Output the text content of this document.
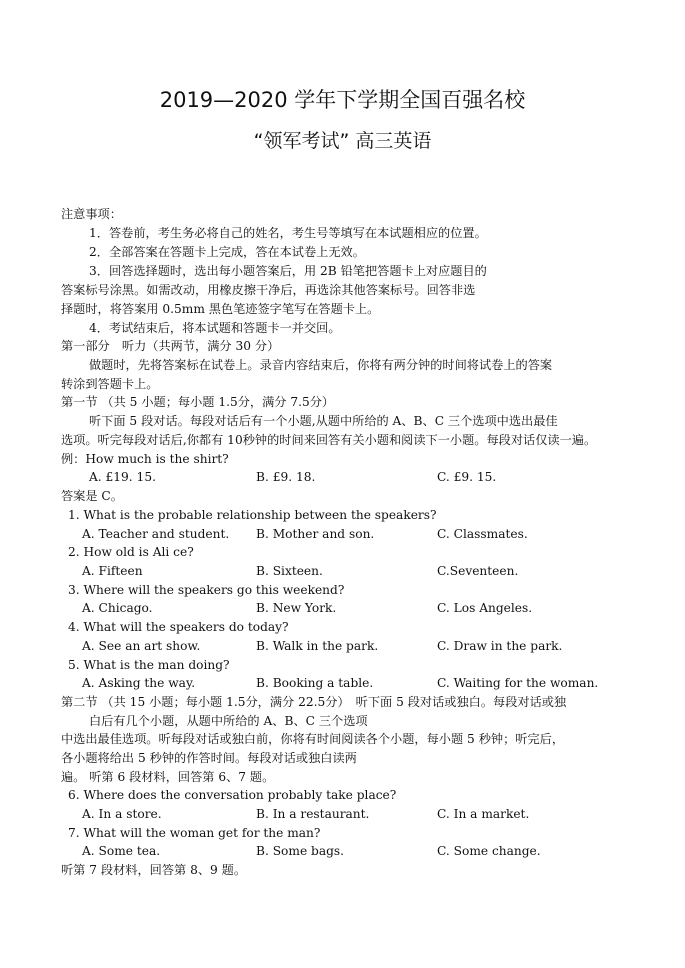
2019—2020 学年下学期全国百强名校
“领军考试” 高三英语
注意事项：
1．答卷前，考生务必将自己的姓名，考生号等填写在本试题相应的位置。
2．全部答案在答题卡上完成，答在本试卷上无效。
3．回答选择题时，选出每小题答案后，用 2B 铅笔把答题卡上对应题目的
答案标号涂黑。如需改动，用橡皮擦干净后，再选涂其他答案标号。回答非选
择题时，将答案用 0.5mm 黑色笔迹签字笔写在答题卡上。
4．考试结束后，将本试题和答题卡一并交回。
第一部分　听力（共两节，满分 30 分）
做题时，先将答案标在试卷上。录音内容结束后，你将有两分钟的时间将试卷上的答案
转涂到答题卡上。
第一节 （共 5 小题；每小题 1.5分，满分 7.5分）
听下面 5 段对话。每段对话后有一个小题,从题中所给的 A、B、C 三个选项中选出最佳
选项。听完每段对话后,你都有 10秒钟的时间来回答有关小题和阅读下一小题。每段对话仅读一遍。
例：How much is the shirt?
A. £19. 15.	B. £9. 18.	C. £9. 15.
答案是 C。
1. What is the probable relationship between the speakers?
A. Teacher and student. B. Mother and son.	C. Classmates.
2. How old is Ali ce?
A. Fifteen	B. Sixteen.	C.Seventeen.
3. Where will the speakers go this weekend?
A. Chicago.	B. New York.	C. Los Angeles.
4. What will the speakers do today?
A. See an art show.	B. Walk in the park.	C. Draw in the park.
5. What is the man doing?
A. Asking the way.	B. Booking a table.	C. Waiting for the woman.
第二节 （共 15 小题；每小题 1.5分，满分 22.5分）　听下面 5 段对话或独白。每段对话或独
白后有几个小题，从题中所给的 A、B、C 三个选项
中选出最佳选项。听每段对话或独白前，你将有时间阅读各个小题，每小题 5 秒钟；听完后，
各小题将给出 5 秒钟的作答时间。每段对话或独白读两
遍。 听第 6 段材料，回答第 6、7 题。
6. Where does the conversation probably take place?
A. In a store.	B. In a restaurant.	C. In a market.
7. What will the woman get for the man?
A. Some tea.	B. Some bags.	C. Some change.
听第 7 段材料，回答第 8、9 题。
